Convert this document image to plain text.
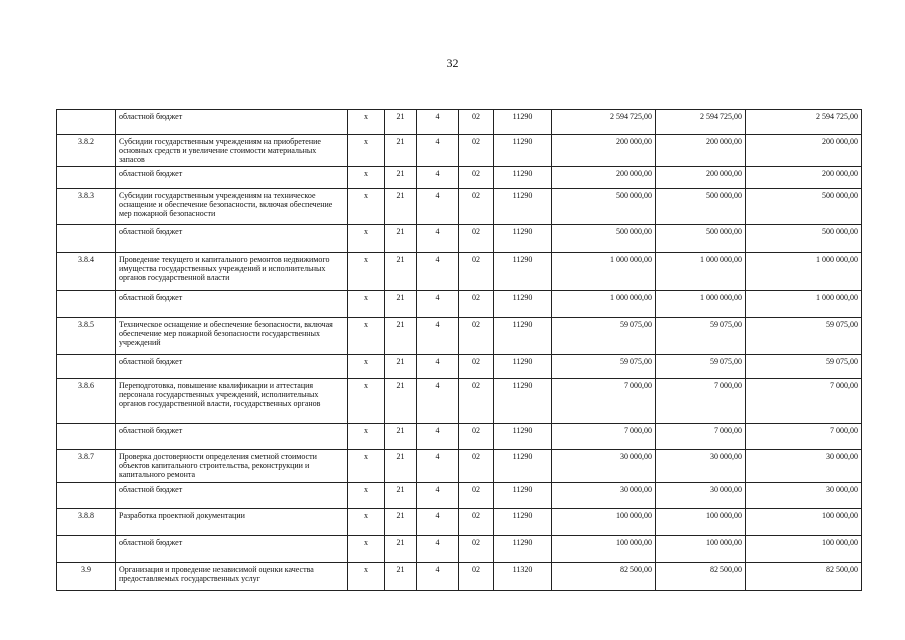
32
	областной бюджет	x	21	4	02	11290	2 594 725,00	2 594 725,00	2 594 725,00
3.8.2	Субсидии государственным учреждениям на приобретение основных средств и увеличение стоимости материальных запасов	x	21	4	02	11290	200 000,00	200 000,00	200 000,00
	областной бюджет	x	21	4	02	11290	200 000,00	200 000,00	200 000,00
3.8.3	Субсидии государственным учреждениям на техническое оснащение и обеспечение безопасности, включая обеспечение мер пожарной безопасности	x	21	4	02	11290	500 000,00	500 000,00	500 000,00
	областной бюджет	x	21	4	02	11290	500 000,00	500 000,00	500 000,00
3.8.4	Проведение текущего и капитального ремонтов недвижимого имущества государственных учреждений и исполнительных органов государственной власти	x	21	4	02	11290	1 000 000,00	1 000 000,00	1 000 000,00
	областной бюджет	x	21	4	02	11290	1 000 000,00	1 000 000,00	1 000 000,00
3.8.5	Техническое оснащение и обеспечение безопасности, включая обеспечение мер пожарной безопасности государственных учреждений	x	21	4	02	11290	59 075,00	59 075,00	59 075,00
	областной бюджет	x	21	4	02	11290	59 075,00	59 075,00	59 075,00
3.8.6	Переподготовка, повышение квалификации и аттестация персонала государственных учреждений, исполнительных органов государственной власти, государственных органов	x	21	4	02	11290	7 000,00	7 000,00	7 000,00
	областной бюджет	x	21	4	02	11290	7 000,00	7 000,00	7 000,00
3.8.7	Проверка достоверности определения сметной стоимости объектов капитального строительства, реконструкции и капитального ремонта	x	21	4	02	11290	30 000,00	30 000,00	30 000,00
	областной бюджет	x	21	4	02	11290	30 000,00	30 000,00	30 000,00
3.8.8	Разработка проектной документации	x	21	4	02	11290	100 000,00	100 000,00	100 000,00
	областной бюджет	x	21	4	02	11290	100 000,00	100 000,00	100 000,00
3.9	Организация и проведение независимой оценки качества предоставляемых государственных услуг	x	21	4	02	11320	82 500,00	82 500,00	82 500,00
